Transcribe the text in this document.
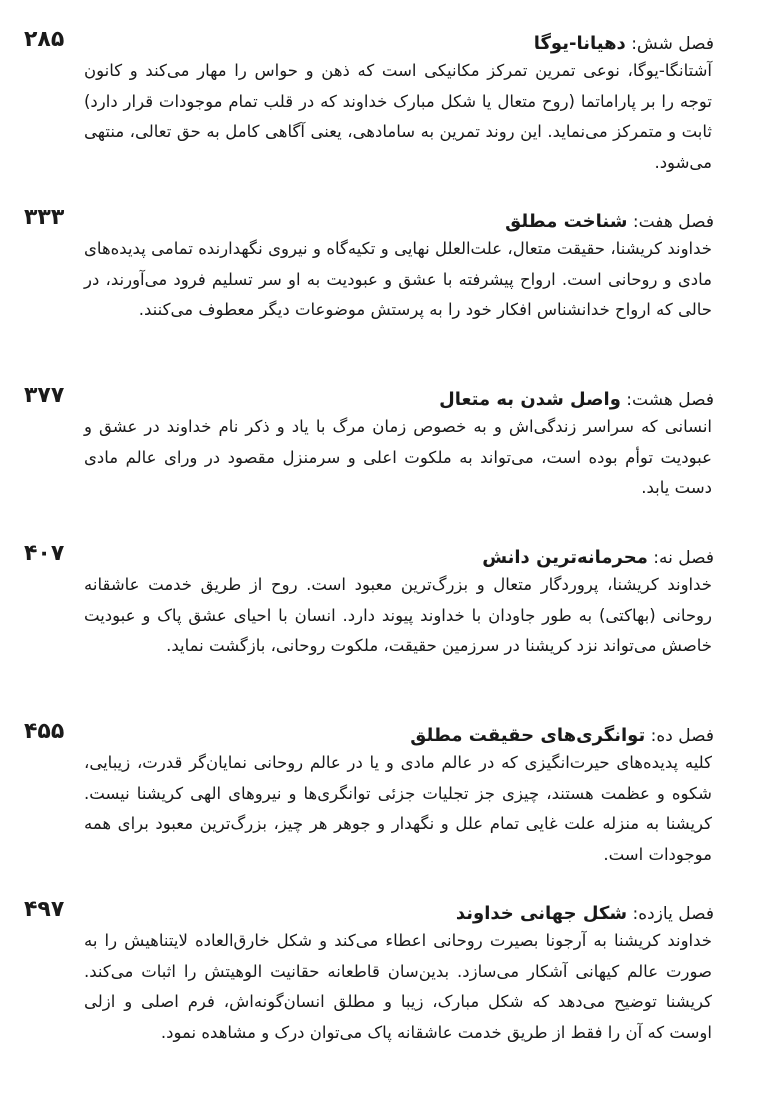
فصل شش: دهیانا-یوگا
۲۸۵

آشتانگا-یوگا، نوعی تمرین تمرکز مکانیکی است که ذهن و حواس را مهار می‌کند و کانون توجه را بر پاراماتما (روح متعال یا شکل مبارک خداوند که در قلب تمام موجودات قرار دارد) ثابت و متمرکز می‌نماید. این روند تمرین به سامادهی، یعنی آگاهی کامل به حق تعالی، منتهی می‌شود.

فصل هفت: شناخت مطلق
۳۳۳

خداوند کریشنا، حقیقت متعال، علت‌العلل نهایی و تکیه‌گاه و نیروی نگهدارنده تمامی پدیده‌های مادی و روحانی است. ارواح پیشرفته با عشق و عبودیت به او سر تسلیم فرود می‌آورند، در حالی که ارواح خدانشناس افکار خود را به پرستش موضوعات دیگر معطوف می‌کنند.

فصل هشت: واصل شدن به متعال
۳۷۷

انسانی که سراسر زندگی‌اش و به خصوص زمان مرگ با یاد و ذکر نام خداوند در عشق و عبودیت توأم بوده است، می‌تواند به ملکوت اعلی و سرمنزل مقصود در ورای عالم مادی دست یابد.

فصل نه: محرمانه‌ترین دانش
۴۰۷

خداوند کریشنا، پروردگار متعال و بزرگ‌ترین معبود است. روح از طریق خدمت عاشقانه روحانی (بهاکتی) به طور جاودان با خداوند پیوند دارد. انسان با احیای عشق پاک و عبودیت خاصش می‌تواند نزد کریشنا در سرزمین حقیقت، ملکوت روحانی، بازگشت نماید.

فصل ده: توانگری‌های حقیقت مطلق
۴۵۵

کلیه پدیده‌های حیرت‌انگیزی که در عالم مادی و یا در عالم روحانی نمایان‌گر قدرت، زیبایی، شکوه و عظمت هستند، چیزی جز تجلیات جزئی توانگری‌ها و نیروهای الهی کریشنا نیست. کریشنا به منزله علت غایی تمام علل و نگهدار و جوهر هر چیز، بزرگ‌ترین معبود برای همه موجودات است.

فصل یازده: شکل جهانی خداوند
۴۹۷

خداوند کریشنا به آرجونا بصیرت روحانی اعطاء می‌کند و شکل خارق‌العاده لایتناهیش را به صورت عالم کیهانی آشکار می‌سازد. بدین‌سان قاطعانه حقانیت الوهیتش را اثبات می‌کند. کریشنا توضیح می‌دهد که شکل مبارک، زیبا و مطلق انسان‌گونه‌اش، فرم اصلی و ازلی اوست که آن را فقط از طریق خدمت عاشقانه پاک می‌توان درک و مشاهده نمود.
